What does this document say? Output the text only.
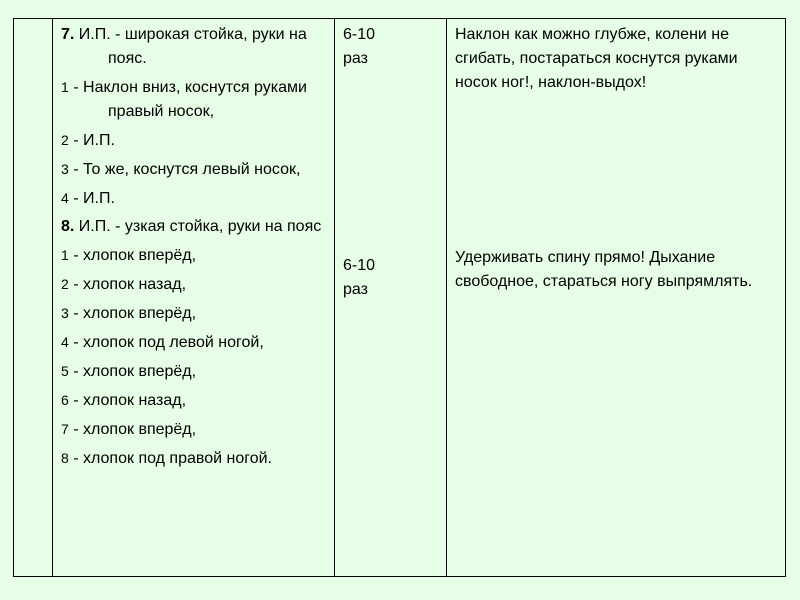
7. И.П. - широкая стойка, руки на пояс.
1 - Наклон вниз, коснутся руками правый носок,
2 - И.П.
3 - То же, коснутся левый носок,
4 - И.П.
8. И.П. - узкая стойка, руки на пояс
1 - хлопок вперёд,
2 - хлопок назад,
3 - хлопок вперёд,
4 - хлопок под левой ногой,
5 - хлопок вперёд,
6 - хлопок назад,
7 - хлопок вперёд,
8 - хлопок под правой ногой.
6-10
раз
6-10
раз

Наклон как можно глубже, колени не сгибать, постараться коснутся руками носок ног!, наклон-выдох!

Удерживать спину прямо! Дыхание свободное, стараться ногу выпрямлять.
